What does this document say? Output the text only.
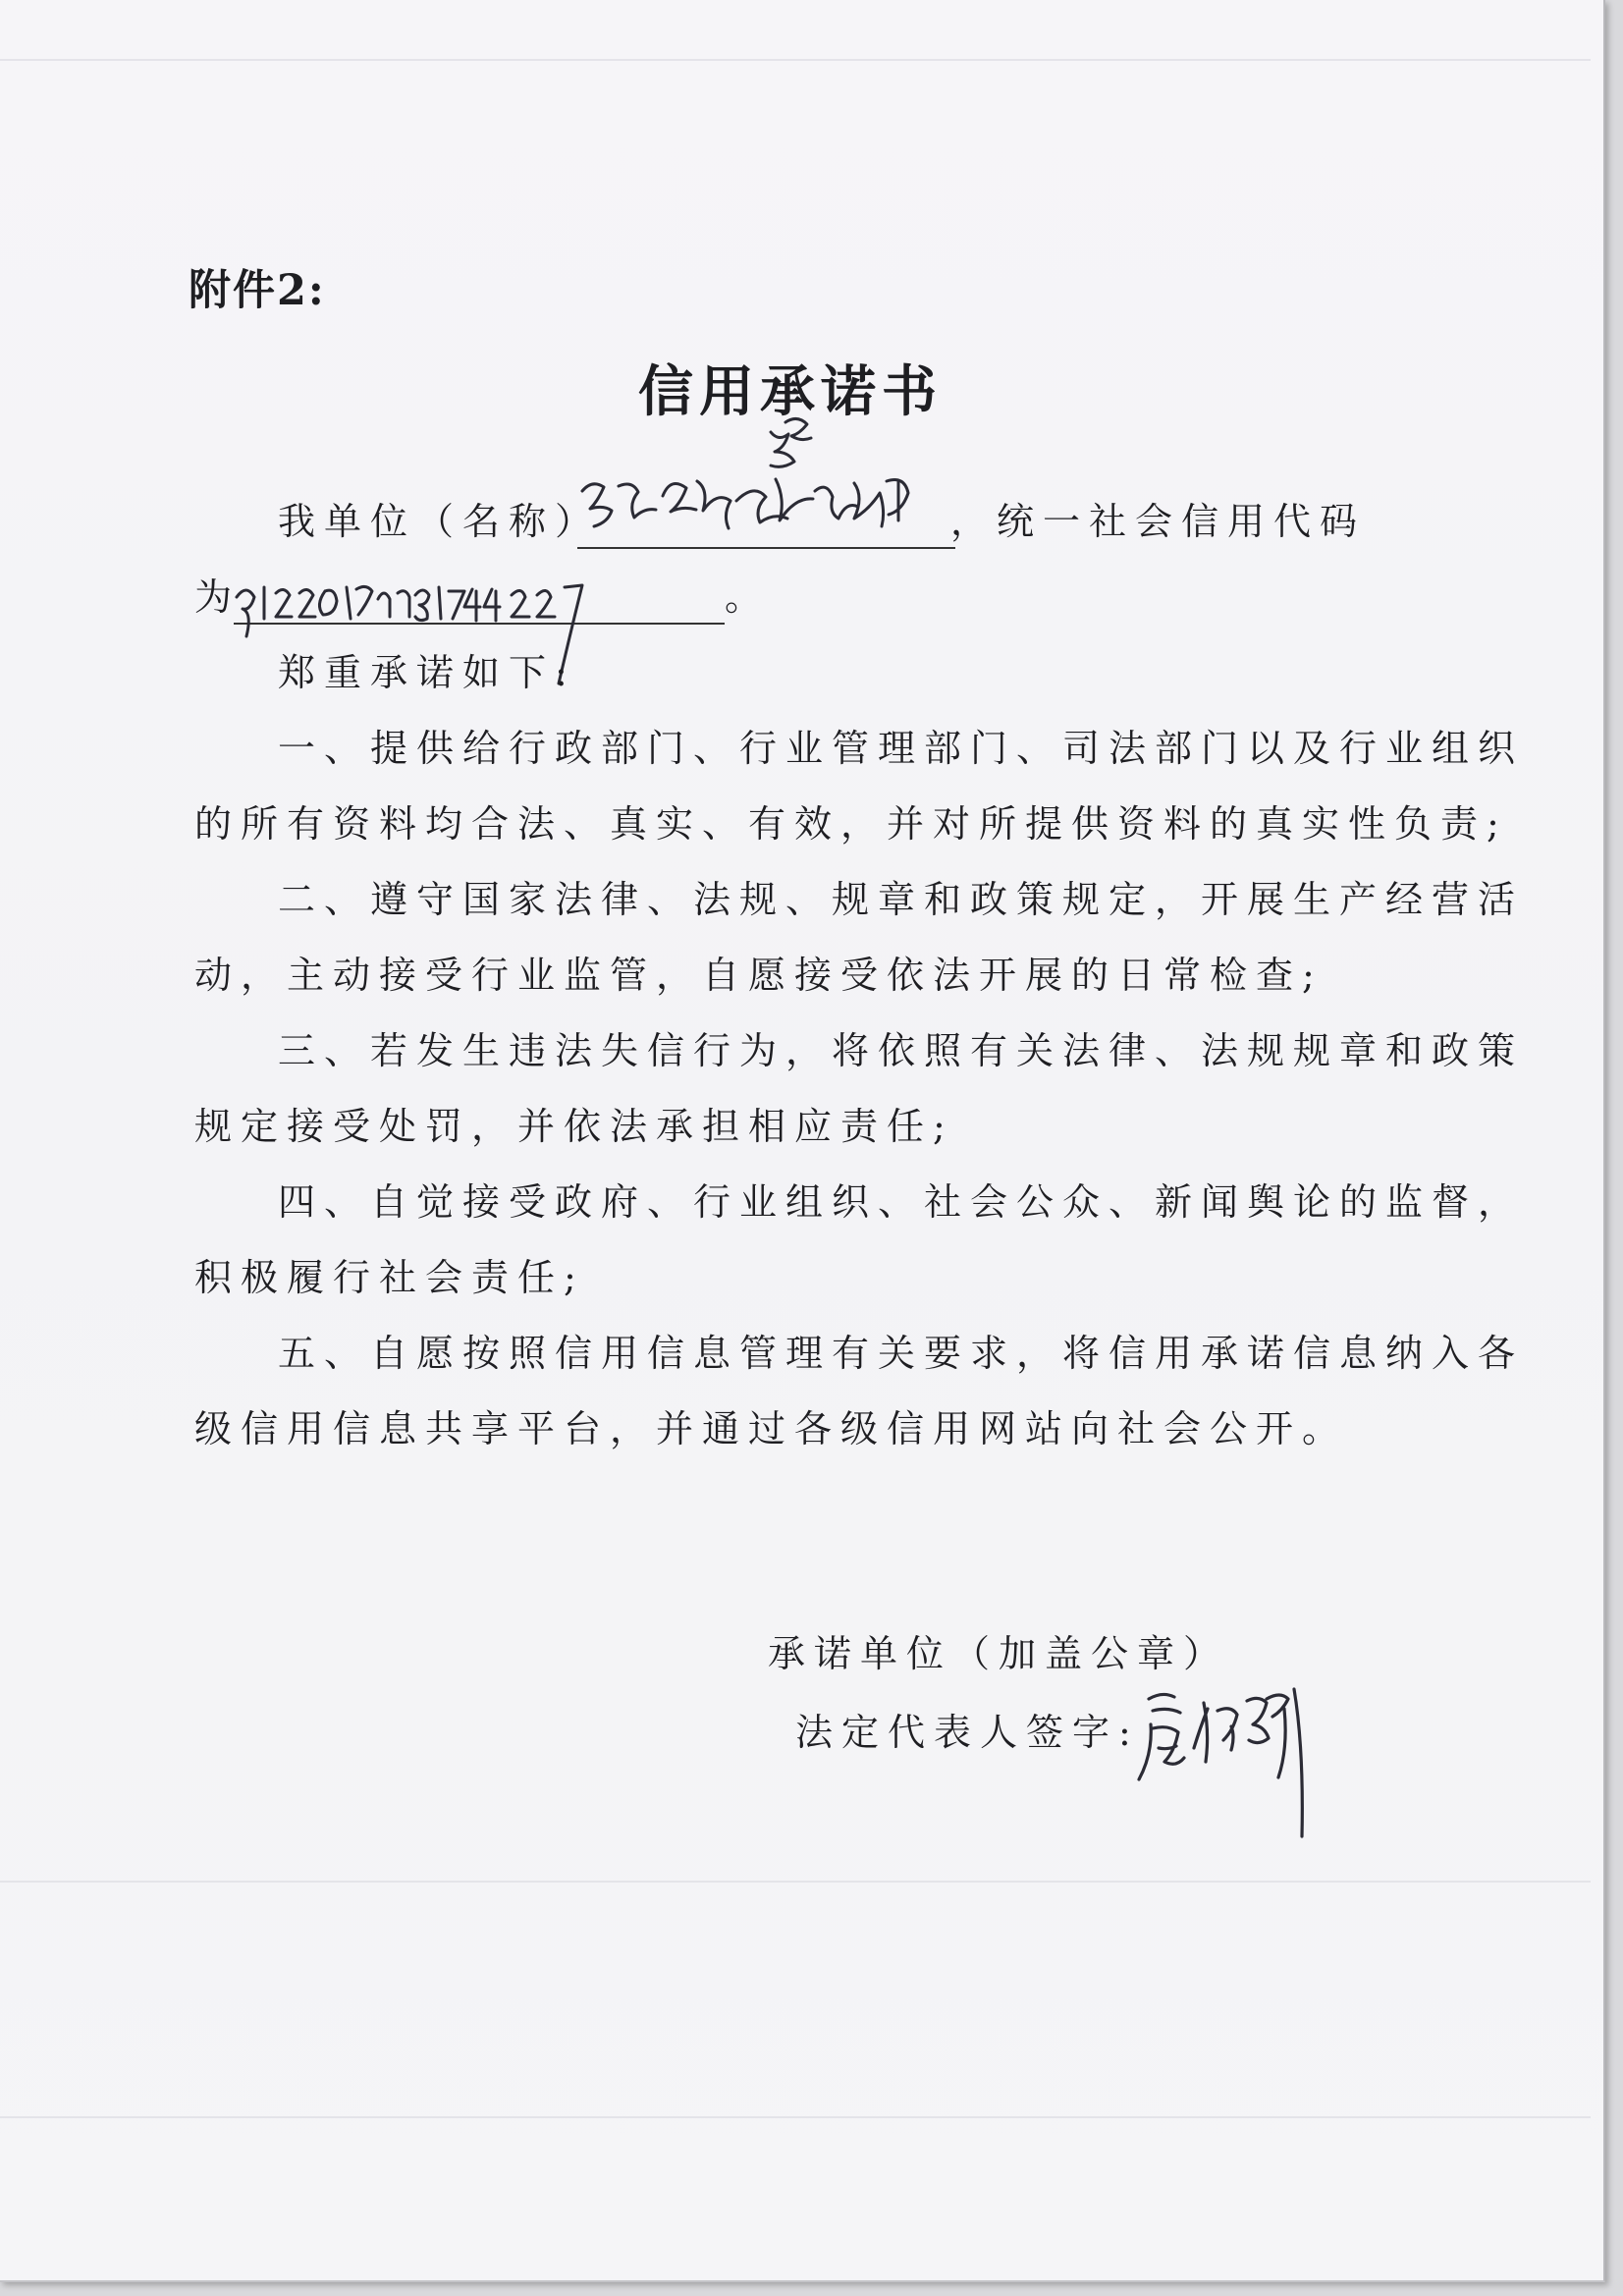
附件2:
信用承诺书
我单位（名称）	，统一社会信用代码
为	。
郑重承诺如下:
一、提供给行政部门、行业管理部门、司法部门以及行业组织
的所有资料均合法、真实、有效，并对所提供资料的真实性负责;
二、遵守国家法律、法规、规章和政策规定，开展生产经营活
动，主动接受行业监管，自愿接受依法开展的日常检查;
三、若发生违法失信行为，将依照有关法律、法规规章和政策
规定接受处罚，并依法承担相应责任;
四、自觉接受政府、行业组织、社会公众、新闻舆论的监督，
积极履行社会责任;
五、自愿按照信用信息管理有关要求，将信用承诺信息纳入各
级信用信息共享平台，并通过各级信用网站向社会公开。
承诺单位（加盖公章）
法定代表人签字:
